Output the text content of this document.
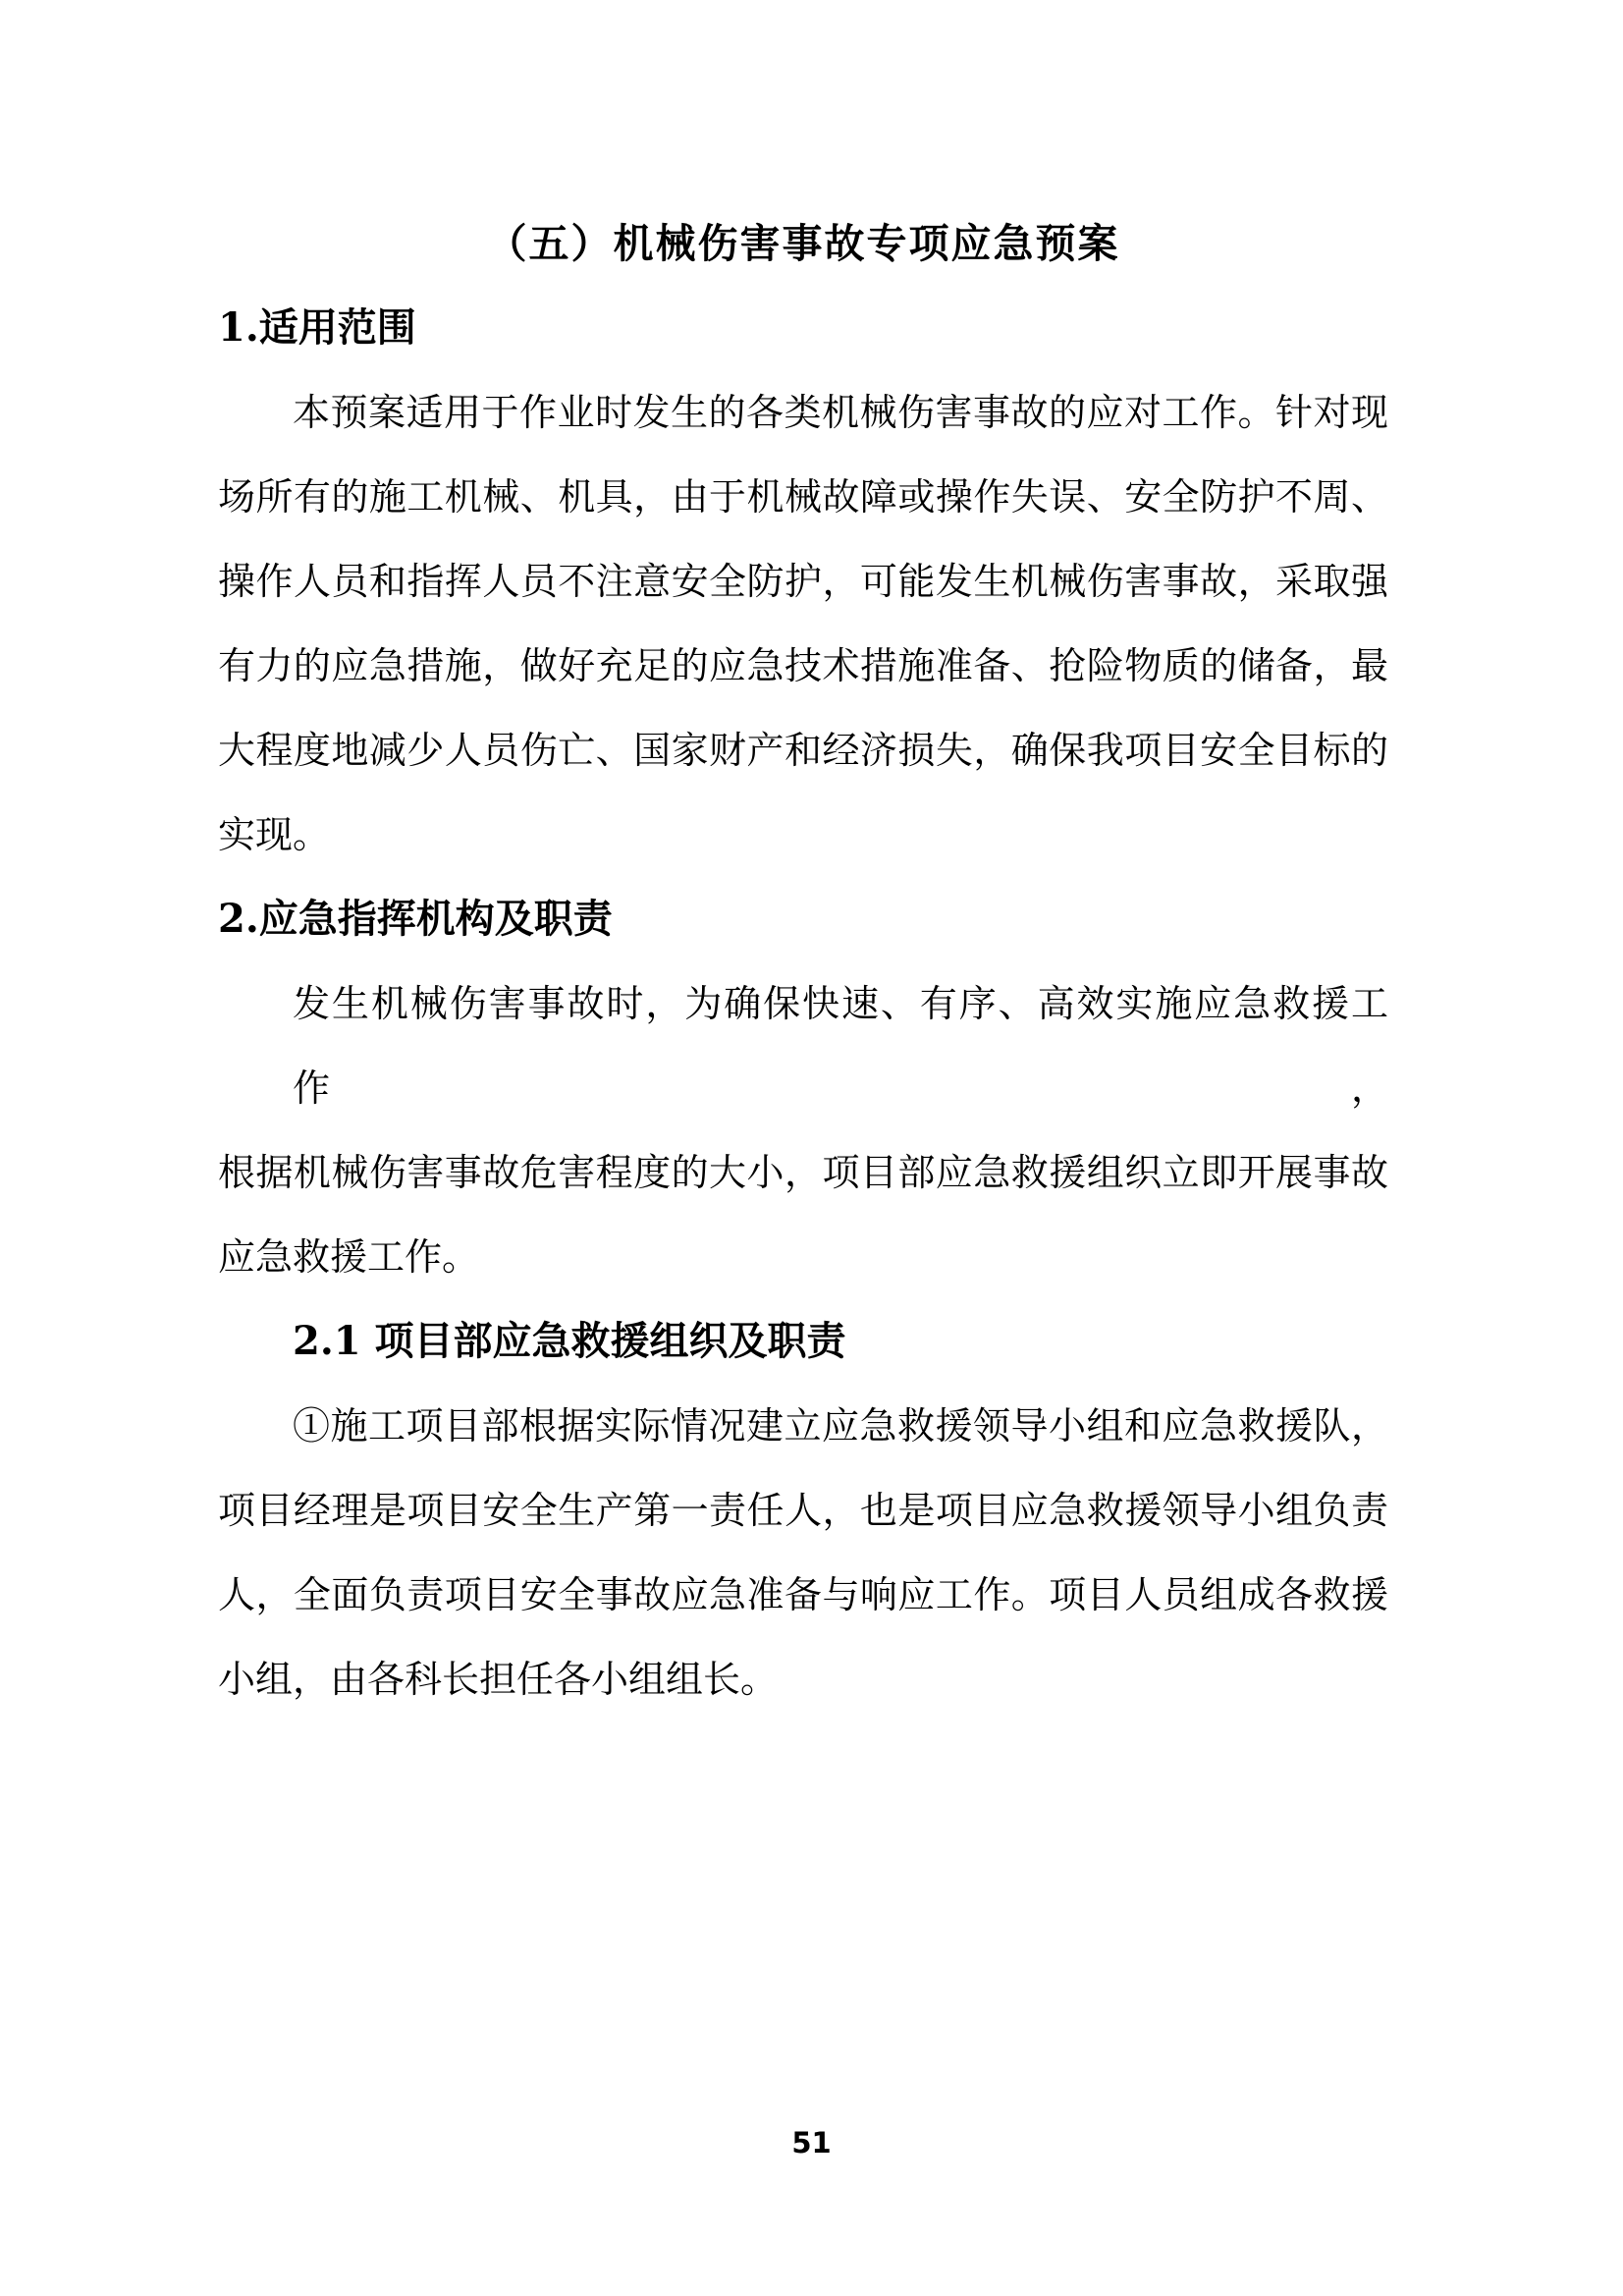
（五）机械伤害事故专项应急预案
1.适用范围
本预案适用于作业时发生的各类机械伤害事故的应对工作。针对现
场所有的施工机械、机具，由于机械故障或操作失误、安全防护不周、
操作人员和指挥人员不注意安全防护，可能发生机械伤害事故，采取强
有力的应急措施，做好充足的应急技术措施准备、抢险物质的储备，最
大程度地减少人员伤亡、国家财产和经济损失，确保我项目安全目标的
实现。
2.应急指挥机构及职责
发生机械伤害事故时，为确保快速、有序、高效实施应急救援工作，
根据机械伤害事故危害程度的大小，项目部应急救援组织立即开展事故
应急救援工作。
2.1 项目部应急救援组织及职责
①施工项目部根据实际情况建立应急救援领导小组和应急救援队，
项目经理是项目安全生产第一责任人，也是项目应急救援领导小组负责
人，全面负责项目安全事故应急准备与响应工作。项目人员组成各救援
小组，由各科长担任各小组组长。
51
